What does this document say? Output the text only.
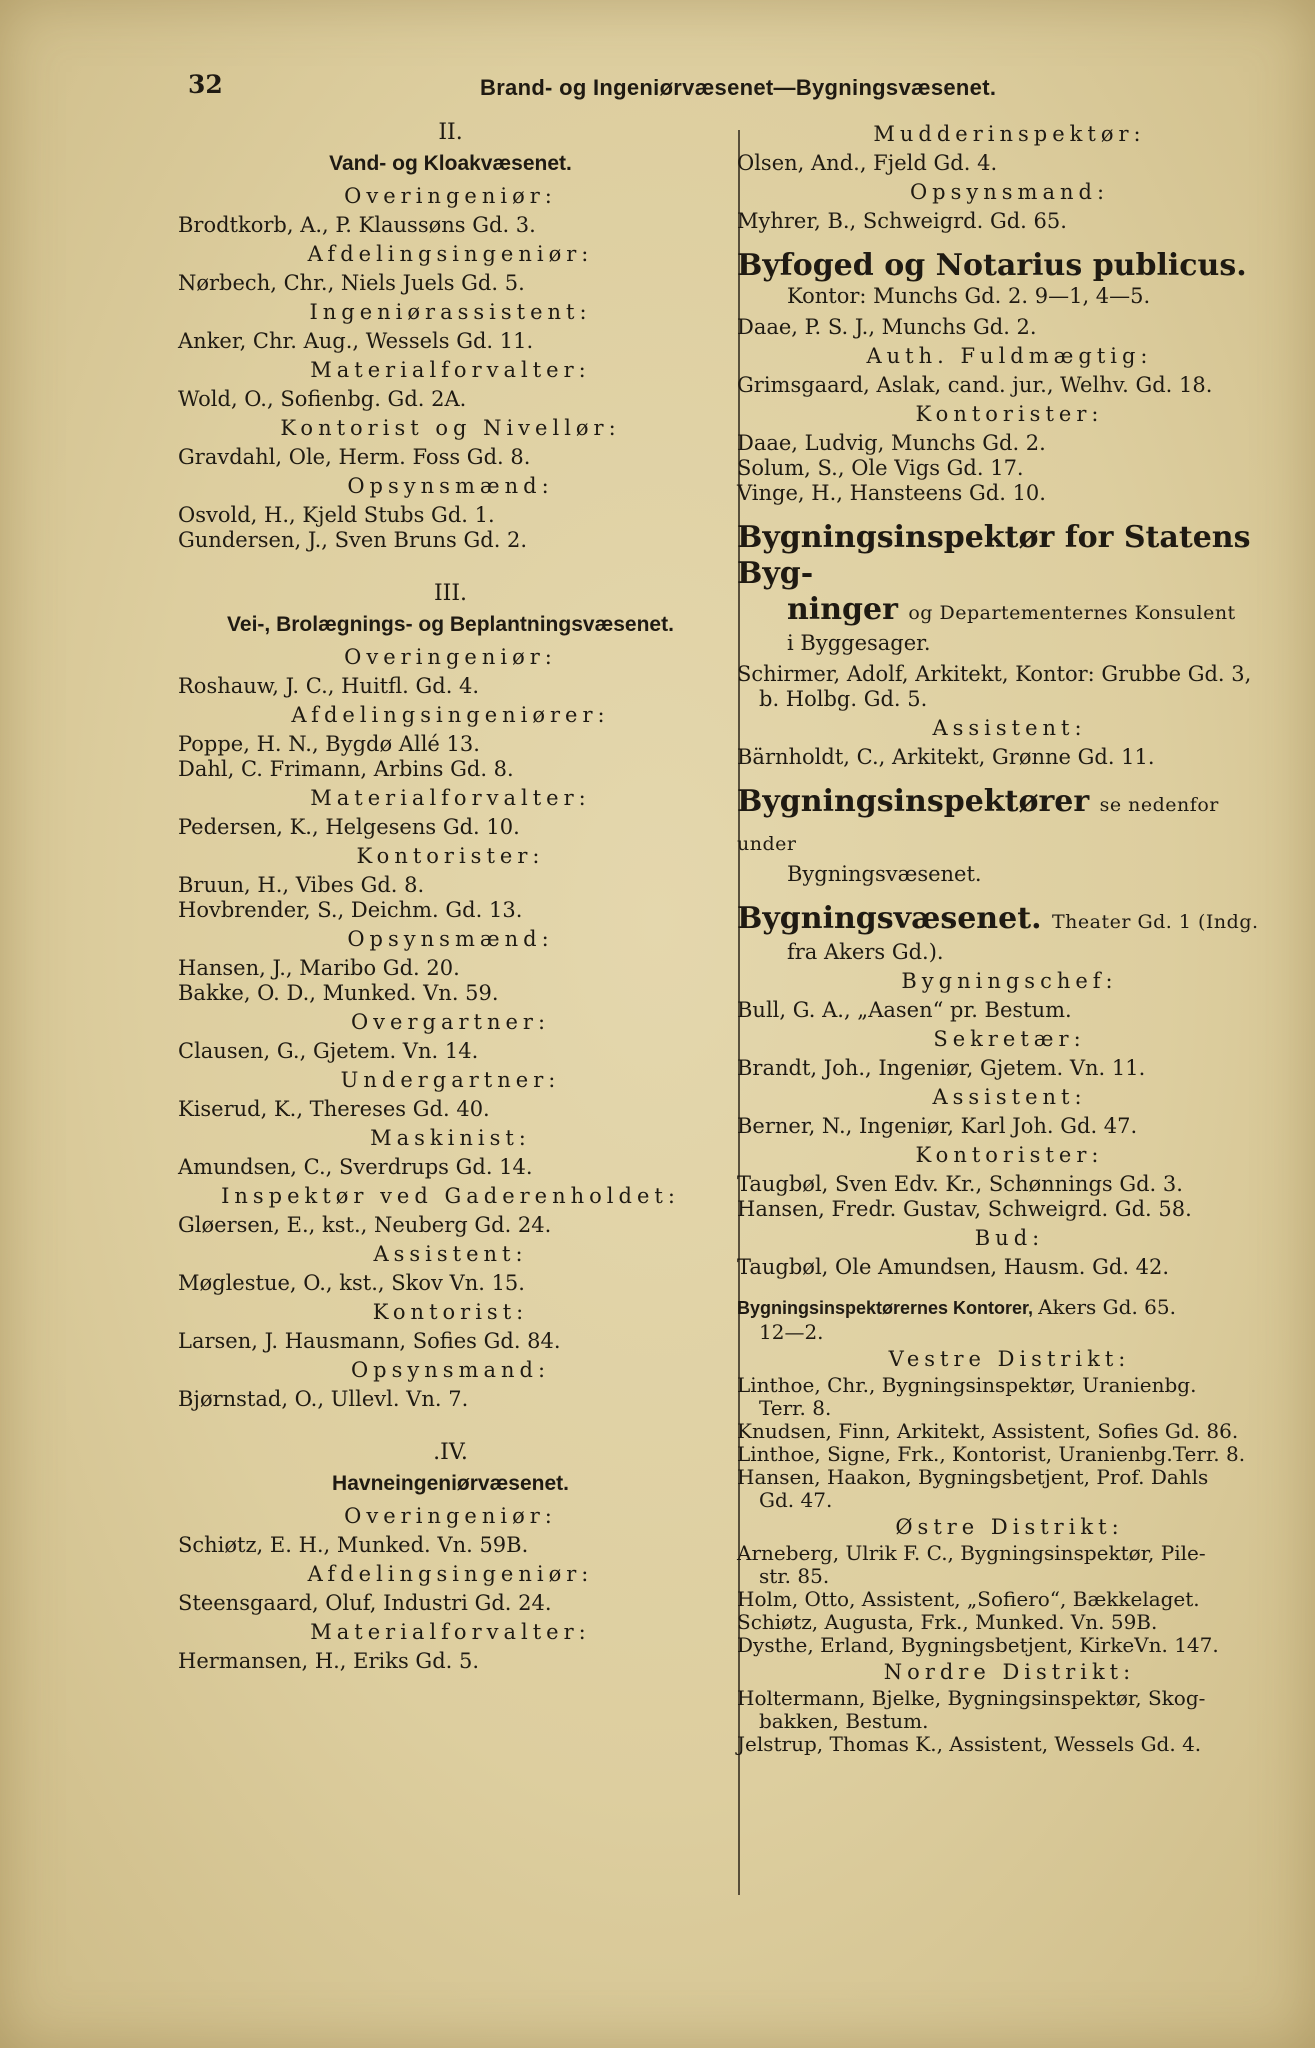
32	Brand- og Ingeniørvæsenet—Bygningsvæsenet.
II.
Vand- og Kloakvæsenet.
Overingeniør:
Brodtkorb, A., P. Klaussøns Gd. 3.
Afdelingsingeniør:
Nørbech, Chr., Niels Juels Gd. 5.
Ingeniørassistent:
Anker, Chr. Aug., Wessels Gd. 11.
Materialforvalter:
Wold, O., Sofienbg. Gd. 2A.
Kontorist og Nivellør:
Gravdahl, Ole, Herm. Foss Gd. 8.
Opsynsmænd:
Osvold, H., Kjeld Stubs Gd. 1.
Gundersen, J., Sven Bruns Gd. 2.
III.
Vei-, Brolægnings- og Beplantningsvæsenet.
Overingeniør:
Roshauw, J. C., Huitfl. Gd. 4.
Afdelingsingeniører:
Poppe, H. N., Bygdø Allé 13.
Dahl, C. Frimann, Arbins Gd. 8.
Materialforvalter:
Pedersen, K., Helgesens Gd. 10.
Kontorister:
Bruun, H., Vibes Gd. 8.
Hovbrender, S., Deichm. Gd. 13.
Opsynsmænd:
Hansen, J., Maribo Gd. 20.
Bakke, O. D., Munked. Vn. 59.
Overgartner:
Clausen, G., Gjetem. Vn. 14.
Undergartner:
Kiserud, K., Thereses Gd. 40.
Maskinist:
Amundsen, C., Sverdrups Gd. 14.
Inspektør ved Gaderenholdet:
Gløersen, E., kst., Neuberg Gd. 24.
Assistent:
Møglestue, O., kst., Skov Vn. 15.
Kontorist:
Larsen, J. Hausmann, Sofies Gd. 84.
Opsynsmand:
Bjørnstad, O., Ullevl. Vn. 7.
.IV.
Havneingeniørvæsenet.
Overingeniør:
Schiøtz, E. H., Munked. Vn. 59B.
Afdelingsingeniør:
Steensgaard, Oluf, Industri Gd. 24.
Materialforvalter:
Hermansen, H., Eriks Gd. 5.
Mudderinspektør:
Olsen, And., Fjeld Gd. 4.
Opsynsmand:
Myhrer, B., Schweigrd. Gd. 65.
Byfoged og Notarius publicus.
Kontor: Munchs Gd. 2. 9—1, 4—5.
Daae, P. S. J., Munchs Gd. 2.
Auth. Fuldmægtig:
Grimsgaard, Aslak, cand. jur., Welhv. Gd. 18.
Kontorister:
Daae, Ludvig, Munchs Gd. 2.
Solum, S., Ole Vigs Gd. 17.
Vinge, H., Hansteens Gd. 10.
Bygningsinspektør for Statens Byg-
ninger og Departementernes Konsulent
i Byggesager.
Schirmer, Adolf, Arkitekt, Kontor: Grubbe Gd. 3,
b. Holbg. Gd. 5.
Assistent:
Bärnholdt, C., Arkitekt, Grønne Gd. 11.
Bygningsinspektører se nedenfor under
Bygningsvæsenet.
Bygningsvæsenet. Theater Gd. 1 (Indg.
fra Akers Gd.).
Bygningschef:
Bull, G. A., „Aasen“ pr. Bestum.
Sekretær:
Brandt, Joh., Ingeniør, Gjetem. Vn. 11.
Assistent:
Berner, N., Ingeniør, Karl Joh. Gd. 47.
Kontorister:
Taugbøl, Sven Edv. Kr., Schønnings Gd. 3.
Hansen, Fredr. Gustav, Schweigrd. Gd. 58.
Bud:
Taugbøl, Ole Amundsen, Hausm. Gd. 42.
Bygningsinspektørernes Kontorer, Akers Gd. 65.
12—2.
Vestre Distrikt:
Linthoe, Chr., Bygningsinspektør, Uranienbg.
Terr. 8.
Knudsen, Finn, Arkitekt, Assistent, Sofies Gd. 86.
Linthoe, Signe, Frk., Kontorist, Uranienbg.Terr. 8.
Hansen, Haakon, Bygningsbetjent, Prof. Dahls
Gd. 47.
Østre Distrikt:
Arneberg, Ulrik F. C., Bygningsinspektør, Pile-
str. 85.
Holm, Otto, Assistent, „Sofiero“, Bækkelaget.
Schiøtz, Augusta, Frk., Munked. Vn. 59B.
Dysthe, Erland, Bygningsbetjent, KirkeVn. 147.
Nordre Distrikt:
Holtermann, Bjelke, Bygningsinspektør, Skog-
bakken, Bestum.
Jelstrup, Thomas K., Assistent, Wessels Gd. 4.
